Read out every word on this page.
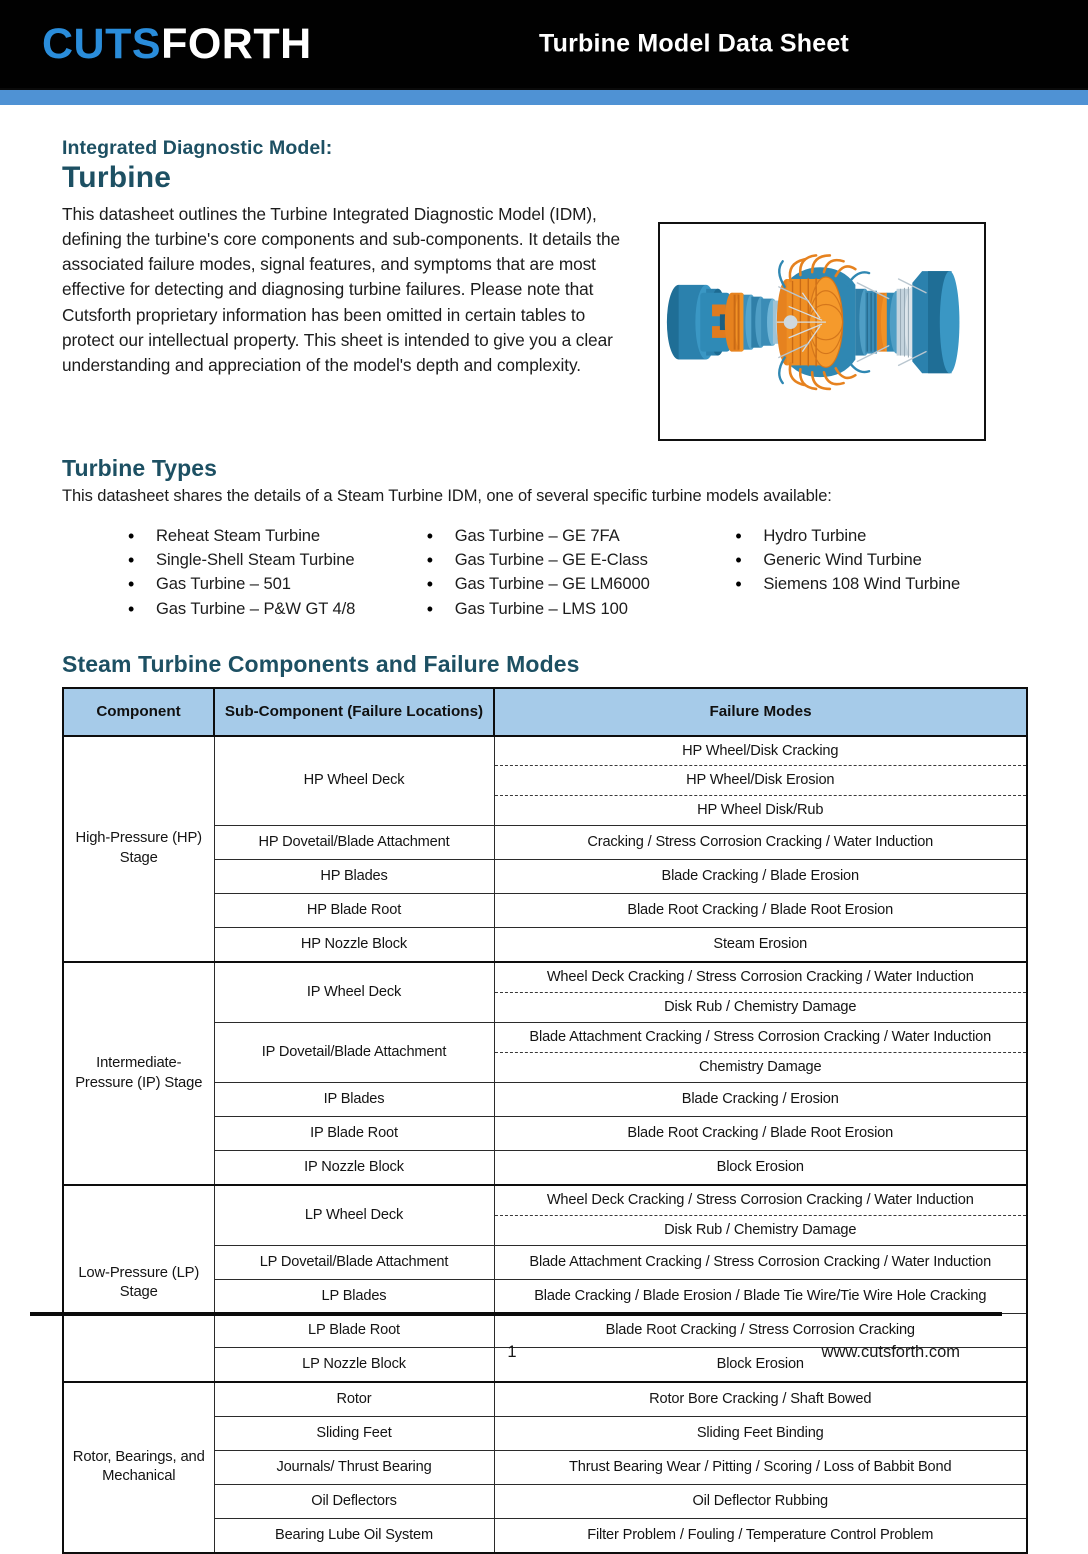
CUTSFORTH	Turbine Model Data Sheet
Integrated Diagnostic Model:
Turbine
This datasheet outlines the Turbine Integrated Diagnostic Model (IDM), defining the turbine's core components and sub-components. It details the associated failure modes, signal features, and symptoms that are most effective for detecting and diagnosing turbine failures. Please note that Cutsforth proprietary information has been omitted in certain tables to protect our intellectual property. This sheet is intended to give you a clear understanding and appreciation of the model's depth and complexity.
Turbine Types
This datasheet shares the details of a Steam Turbine IDM, one of several specific turbine models available:
• Reheat Steam Turbine
• Single-Shell Steam Turbine
• Gas Turbine – 501
• Gas Turbine – P&W GT 4/8
• Gas Turbine – GE 7FA
• Gas Turbine – GE E-Class
• Gas Turbine – GE LM6000
• Gas Turbine – LMS 100
• Hydro Turbine
• Generic Wind Turbine
• Siemens 108 Wind Turbine
Steam Turbine Components and Failure Modes
Component	Sub-Component (Failure Locations)	Failure Modes
High-Pressure (HP) Stage	HP Wheel Deck	HP Wheel/Disk Cracking
HP Wheel/Disk Erosion
HP Wheel Disk/Rub

	HP Dovetail/Blade Attachment	Cracking / Stress Corrosion Cracking / Water Induction
	HP Blades	Blade Cracking / Blade Erosion
	HP Blade Root	Blade Root Cracking / Blade Root Erosion
	HP Nozzle Block	Steam Erosion
Intermediate-Pressure (IP) Stage	IP Wheel Deck	Wheel Deck Cracking / Stress Corrosion Cracking / Water Induction
Disk Rub / Chemistry Damage

	IP Dovetail/Blade Attachment	Blade Attachment Cracking / Stress Corrosion Cracking / Water Induction
Chemistry Damage

	IP Blades	Blade Cracking / Erosion
	IP Blade Root	Blade Root Cracking / Blade Root Erosion
	IP Nozzle Block	Block Erosion
Low-Pressure (LP) Stage	LP Wheel Deck	Wheel Deck Cracking / Stress Corrosion Cracking / Water Induction
Disk Rub / Chemistry Damage

	LP Dovetail/Blade Attachment	Blade Attachment Cracking / Stress Corrosion Cracking / Water Induction
	LP Blades	Blade Cracking / Blade Erosion / Blade Tie Wire/Tie Wire Hole Cracking
	LP Blade Root	Blade Root Cracking / Stress Corrosion Cracking
	LP Nozzle Block	Block Erosion
Rotor, Bearings, and Mechanical	Rotor	Rotor Bore Cracking / Shaft Bowed
	Sliding Feet	Sliding Feet Binding
	Journals/ Thrust Bearing	Thrust Bearing Wear / Pitting / Scoring / Loss of Babbit Bond
	Oil Deflectors	Oil Deflector Rubbing
	Bearing Lube Oil System	Filter Problem / Fouling / Temperature Control Problem
1	www.cutsforth.com
